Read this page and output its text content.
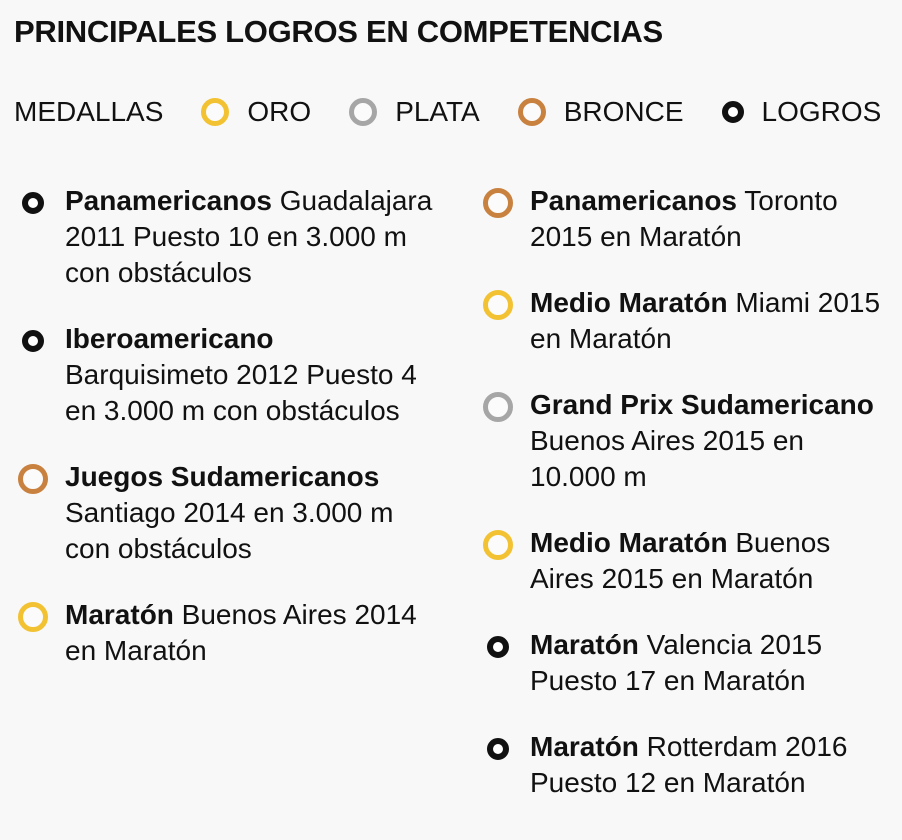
PRINCIPALES LOGROS EN COMPETENCIAS
MEDALLAS	ORO	PLATA	BRONCE	LOGROS
Panamericanos Guadalajara 2011 Puesto 10 en 3.000 m con obstáculos
Iberoamericano Barquisimeto 2012 Puesto 4 en 3.000 m con obstáculos
Juegos Sudamericanos Santiago 2014 en 3.000 m con obstáculos
Maratón Buenos Aires 2014 en Maratón
Panamericanos Toronto 2015 en Maratón
Medio Maratón Miami 2015 en Maratón
Grand Prix Sudamericano Buenos Aires 2015 en 10.000 m
Medio Maratón Buenos Aires 2015 en Maratón
Maratón Valencia 2015 Puesto 17 en Maratón
Maratón Rotterdam 2016 Puesto 12 en Maratón
